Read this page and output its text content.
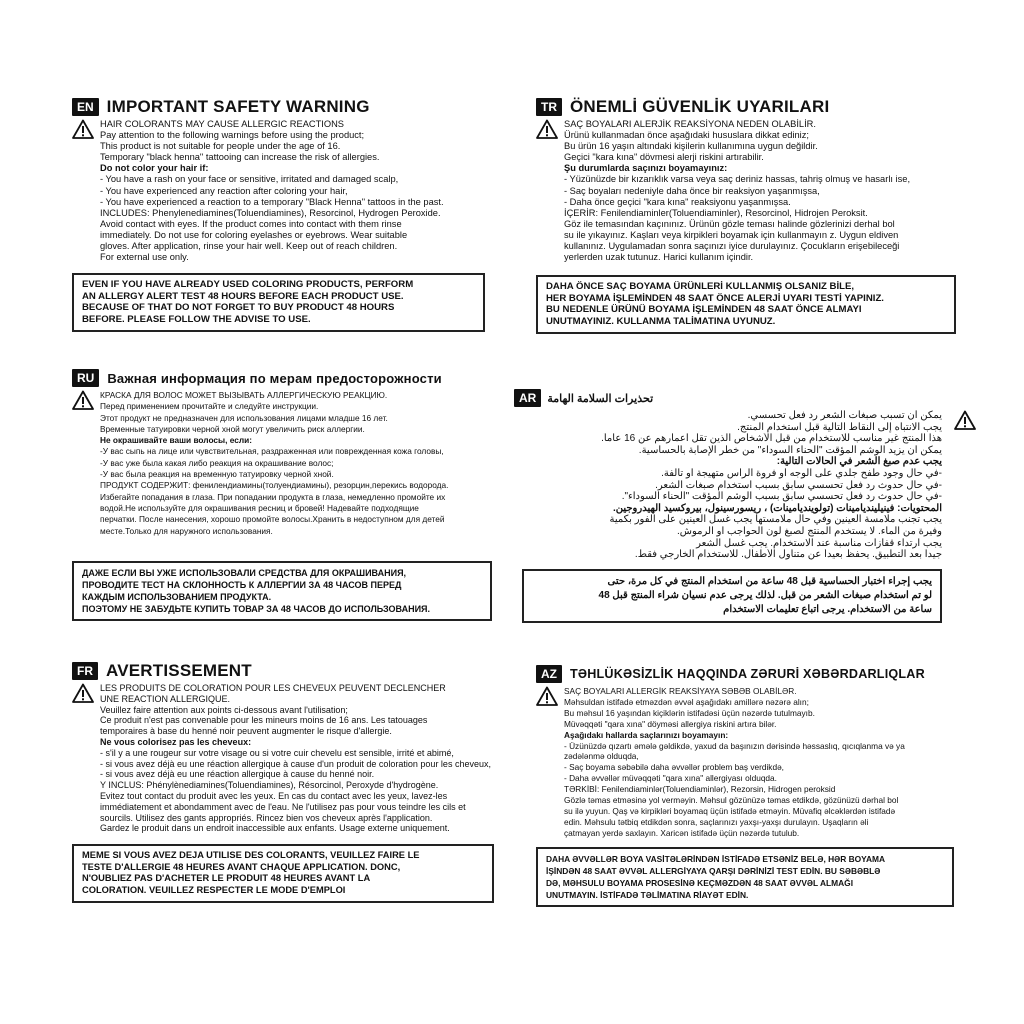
EN IMPORTANT SAFETY WARNING
HAIR COLORANTS MAY CAUSE ALLERGIC REACTIONS
Pay attention to the following warnings before using the product;
This product is not suitable for people under the age of 16.
Temporary "black henna" tattooing can increase the risk of allergies.
Do not color your hair if:
- You have a rash on your face or sensitive, irritated and damaged scalp,
- You have experienced any reaction after coloring your hair,
- You have experienced a reaction to a temporary "Black Henna" tattoos in the past.
INCLUDES: Phenylenediamines(Toluendiamines), Resorcinol, Hydrogen Peroxide.
Avoid contact with eyes. If the product comes into contact with them rinse
immediately. Do not use for coloring eyelashes or eyebrows. Wear suitable
gloves. After application, rinse your hair well. Keep out of reach children.
For external use only.
EVEN IF YOU HAVE ALREADY USED COLORING PRODUCTS, PERFORM
AN ALLERGY ALERT TEST 48 HOURS BEFORE EACH PRODUCT USE.
BECAUSE OF THAT DO NOT FORGET TO BUY PRODUCT 48 HOURS
BEFORE. PLEASE FOLLOW THE ADVISE TO USE.
TR ÖNEMLİ GÜVENLİK UYARILARI
SAÇ BOYALARI ALERJİK REAKSİYONA NEDEN OLABİLİR.
Ürünü kullanmadan önce aşağıdaki hususlara dikkat ediniz;
Bu ürün 16 yaşın altındaki kişilerin kullanımına uygun değildir.
Geçici "kara kına" dövmesi alerji riskini artırabilir.
Şu durumlarda saçınızı boyamayınız:
- Yüzünüzde bir kızarıklık varsa veya saç deriniz hassas, tahriş olmuş ve hasarlı ise,
- Saç boyaları nedeniyle daha önce bir reaksiyon yaşanmışsa,
- Daha önce geçici "kara kına" reaksiyonu yaşanmışsa.
İÇERİR: Fenilendiaminler(Toluendiaminler), Resorcinol, Hidrojen Peroksit.
Göz ile temasından kaçınınız. Ürünün gözle teması halinde gözlerinizi derhal bol
su ile yıkayınız. Kaşları veya kirpikleri boyamak için kullanmayın z. Uygun eldiven
kullanınız. Uygulamadan sonra saçınızı iyice durulayınız. Çocukların erişebileceği
yerlerden uzak tutunuz. Harici kullanım içindir.
DAHA ÖNCE SAÇ BOYAMA ÜRÜNLERİ KULLANMIŞ OLSANIZ BİLE,
HER BOYAMA İŞLEMİNDEN 48 SAAT ÖNCE ALERJİ UYARI TESTİ YAPINIZ.
BU NEDENLE ÜRÜNÜ BOYAMA İŞLEMİNDEN 48 SAAT ÖNCE ALMAYI
UNUTMAYINIZ. KULLANMA TALİMATINA UYUNUZ.
RU	Важная информация по мерам предосторожности
КРАСКА ДЛЯ ВОЛОС МОЖЕТ ВЫЗЫВАТЬ АЛЛЕРГИЧЕСКУЮ РЕАКЦИЮ.
Перед применением прочитайте и следуйте инструкции.
Этот продукт не предназначен для использования лицами младше 16 лет.
Временные татуировки черной хной могут увеличить риск аллергии.
Не окрашивайте ваши волосы, если:
-У вас сыпь на лице или чувствительная, раздраженная или поврежденная кожа головы,
-У вас уже была какая либо реакция на окрашивание волос;
-У вас была реакция на временную татуировку черной хной.
ПРОДУКТ СОДЕРЖИТ: фенилендиамины(толуендиамины), резорцин,перекись водорода.
Избегайте попадания в глаза. При попадании продукта в глаза, немедленно промойте их
водой.Не используйте для окрашивания ресниц и бровей! Надевайте подходящие
перчатки. После нанесения, хорошо промойте волосы.Хранить в недоступном для детей
месте.Только для наружного использования.
ДАЖЕ ЕСЛИ ВЫ УЖЕ ИСПОЛЬЗОВАЛИ СРЕДСТВА ДЛЯ ОКРАШИВАНИЯ,
ПРОВОДИТЕ ТЕСТ НА СКЛОННОСТЬ К АЛЛЕРГИИ ЗА 48 ЧАСОВ ПЕРЕД
КАЖДЫМ ИСПОЛЬЗОВАНИЕМ ПРОДУКТА.
ПОЭТОМУ НЕ ЗАБУДЬТЕ КУПИТЬ ТОВАР ЗА 48 ЧАСОВ ДО ИСПОЛЬЗОВАНИЯ.
AR	تحذيرات السلامة الهامة
يمكن أن تسبب صبغات الشعر رد فعل تحسسي.
يجب الانتباه إلى النقاط التالية قبل استخدام المنتج.
هذا المنتج غير مناسب للاستخدام من قبل الأشخاص الذين تقل أعمارهم عن 16 عاماً.
يمكن أن يزيد الوشم المؤقت "الحناء السوداء" من خطر الإصابة بالحساسية.
يجب عدم صبغ الشعر في الحالات التالية:
-في حال وجود طفح جلدي على الوجه أو فروة الرأس متهيجة أو تالفة.
-في حال حدوث رد فعل تحسسي سابق بسبب استخدام صبغات الشعر.
-في حال حدوث رد فعل تحسسي سابق بسبب الوشم المؤقت "الحناء السوداء".
المحتويات: فينيلينديامينات (تولوينديامينات) ، ريسورسينول، بيروكسيد الهيدروجين.
يجب تجنب ملامسة العينين وفي حال ملامستها يجب غسل العينين على الفور بكمية
وفيرة من الماء. لا يستخدم المنتج لصبغ لون الحواجب أو الرموش.
يجب ارتداء قفازات مناسبة عند الاستخدام. يجب غسل الشعر
جيداً بعد التطبيق. يحفظ بعيداً عن متناول الأطفال. للاستخدام الخارجي فقط.
يجب إجراء اختبار الحساسية قبل 48 ساعة من استخدام المنتج في كل مرة، حتى
لو تم استخدام صبغات الشعر من قبل. لذلك يرجى عدم نسيان شراء المنتج قبل 48
ساعة من الاستخدام. يرجى اتباع تعليمات الاستخدام
FR AVERTISSEMENT
LES PRODUITS DE COLORATION POUR LES CHEVEUX PEUVENT DECLENCHER
UNE REACTION ALLERGIQUE.
Veuillez faire attention aux points ci-dessous avant l'utilisation;
Ce produit n'est pas convenable pour les mineurs moins de 16 ans. Les tatouages
temporaires à base du henné noir peuvent augmenter le risque d'allergie.
Ne vous colorisez pas les cheveux:
- s'il y a une rougeur sur votre visage ou si votre cuir chevelu est sensible, irrité et abimé,
- si vous avez déjà eu une réaction allergique à cause d'un produit de coloration pour les cheveux,
- si vous avez déjà eu une réaction allergique à cause du henné noir.
Y INCLUS: Phénylènediamines(Toluendiamines), Résorcinol, Peroxyde d'hydrogène.
Evitez tout contact du produit avec les yeux. En cas du contact avec les yeux, lavez-les
immédiatement et abondamment avec de l'eau. Ne l'utilisez pas pour vous teindre les cils et
sourcils. Utilisez des gants appropriés. Rincez bien vos cheveux après l'application.
Gardez le produit dans un endroit inaccessible aux enfants. Usage externe uniquement.
MEME SI VOUS AVEZ DEJA UTILISE DES COLORANTS, VEUILLEZ FAIRE LE
TESTE D'ALLERGIE 48 HEURES AVANT CHAQUE APPLICATION. DONC,
N'OUBLIEZ PAS D'ACHETER LE PRODUIT 48 HEURES AVANT LA
COLORATION. VEUILLEZ RESPECTER LE MODE D'EMPLOI
AZ	TƏHLÜKƏSİZLİK HAQQINDA ZƏRURİ XƏBƏRDARLIQLAR
SAÇ BOYALARI ALLERGİK REAKSİYAYA SƏBƏB OLABİLƏR.
Məhsuldan istifadə etməzdən əvvəl aşağıdakı amillərə nəzərə alın;
Bu məhsul 16 yaşından kiçiklərin istifadəsi üçün nəzərdə tutulmayıb.
Müvəqqəti "qara xına" döyməsi allergiya riskini artıra bilər.
Aşağıdakı hallarda saçlarınızı boyamayın:
- Üzünüzdə qızartı əmələ gəldikdə, yaxud da başınızın dərisində həssaslıq, qıcıqlanma və ya
zədələnmə olduqda,
- Saç boyama səbəbilə daha əvvəllər problem baş verdikdə,
- Daha əvvəllər müvəqqəti "qara xına" allergiyası olduqda.
TƏRKİBİ: Fenilendiaminlər(Toluendiaminlər), Rezorsin, Hidrogen peroksid
Gözlə təmas etməsinə yol verməyin. Məhsul gözünüzə təmas etdikdə, gözünüzü dərhal bol
su ilə yuyun. Qaş və kirpikləri boyamaq üçün istifadə etməyin. Müvafiq əlcəklərdən istifadə
edin. Məhsulu tətbiq etdikdən sonra, saçlarınızı yaxşı-yaxşı durulayın. Uşaqların əli
çatmayan yerdə saxlayın. Xaricən istifadə üçün nəzərdə tutulub.
DAHA ƏVVƏLLƏR BOYA VASİTƏLƏRİNDƏN İSTİFADƏ ETSƏNİZ BELƏ, HƏR BOYAMA
İŞİNDƏN 48 SAAT ƏVVƏL ALLERGİYAYA QARŞI DƏRİNİZİ TEST EDİN. BU SƏBƏBLƏ
DƏ, MƏHSULU BOYAMA PROSESİNƏ KEÇMƏZDƏN 48 SAAT ƏVVƏL ALMAĞI
UNUTMAYIN. İSTİFADƏ TƏLİMATINA RİAYƏT EDİN.
